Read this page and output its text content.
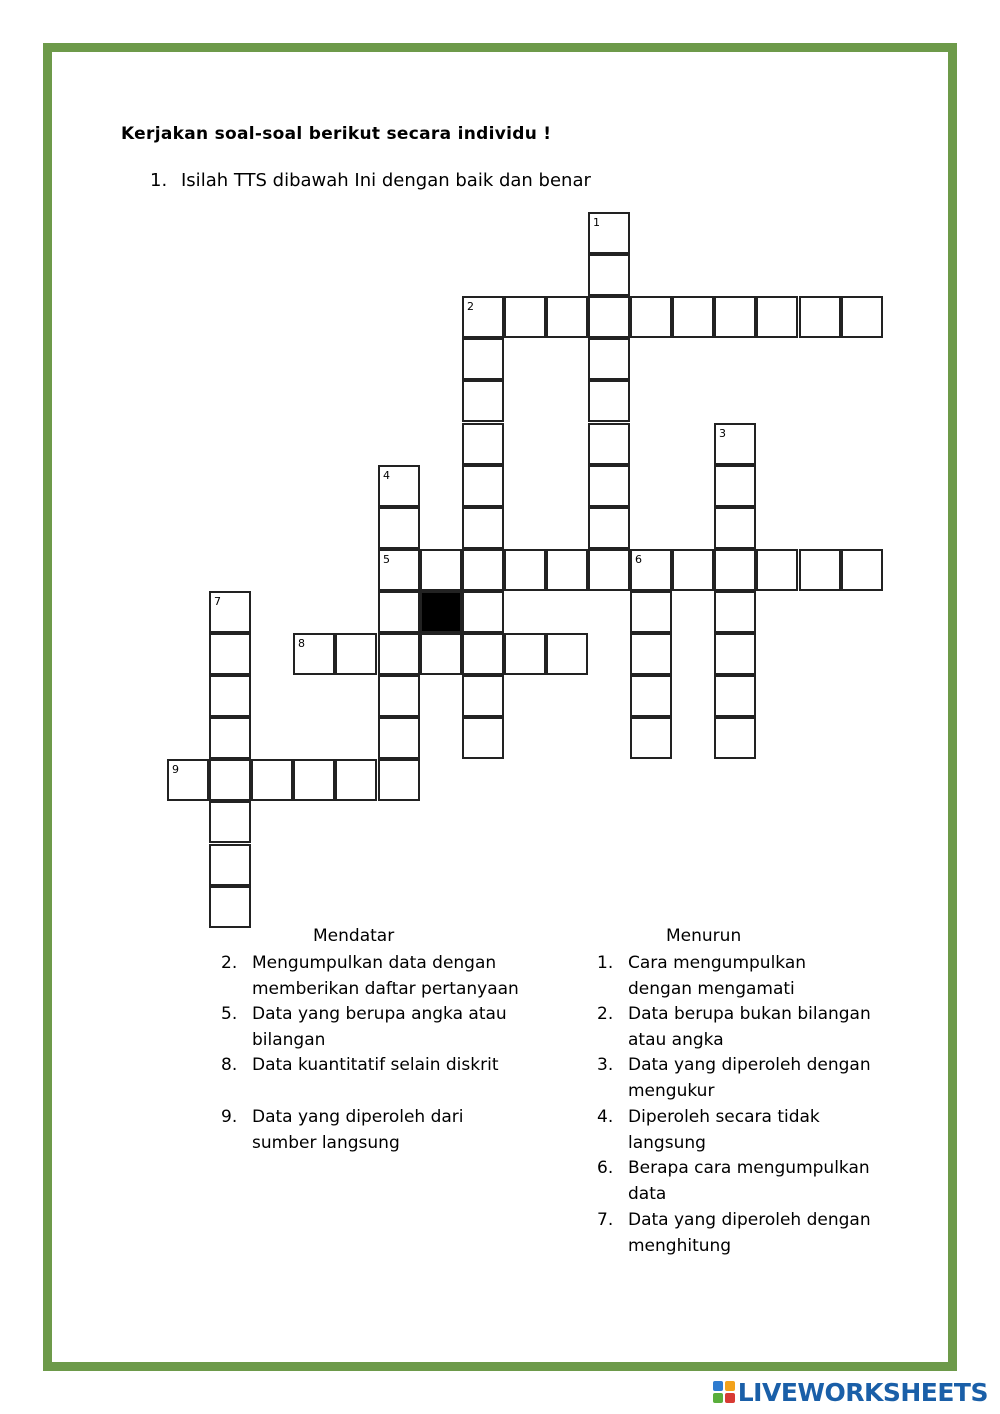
Kerjakan soal-soal berikut secara individu !
1. Isilah TTS dibawah Ini dengan baik dan benar
1
2
3
4
5	6
7
8
9
Mendatar
2. Mengumpulkan data dengan memberikan daftar pertanyaan
5. Data yang berupa angka atau bilangan
8. Data kuantitatif selain diskrit
9. Data yang diperoleh dari sumber langsung
Menurun
1. Cara mengumpulkan dengan mengamati
2. Data berupa bukan bilangan atau angka
3. Data yang diperoleh dengan mengukur
4. Diperoleh secara tidak langsung
6. Berapa cara mengumpulkan data
7. Data yang diperoleh dengan menghitung
LIVEWORKSHEETS
